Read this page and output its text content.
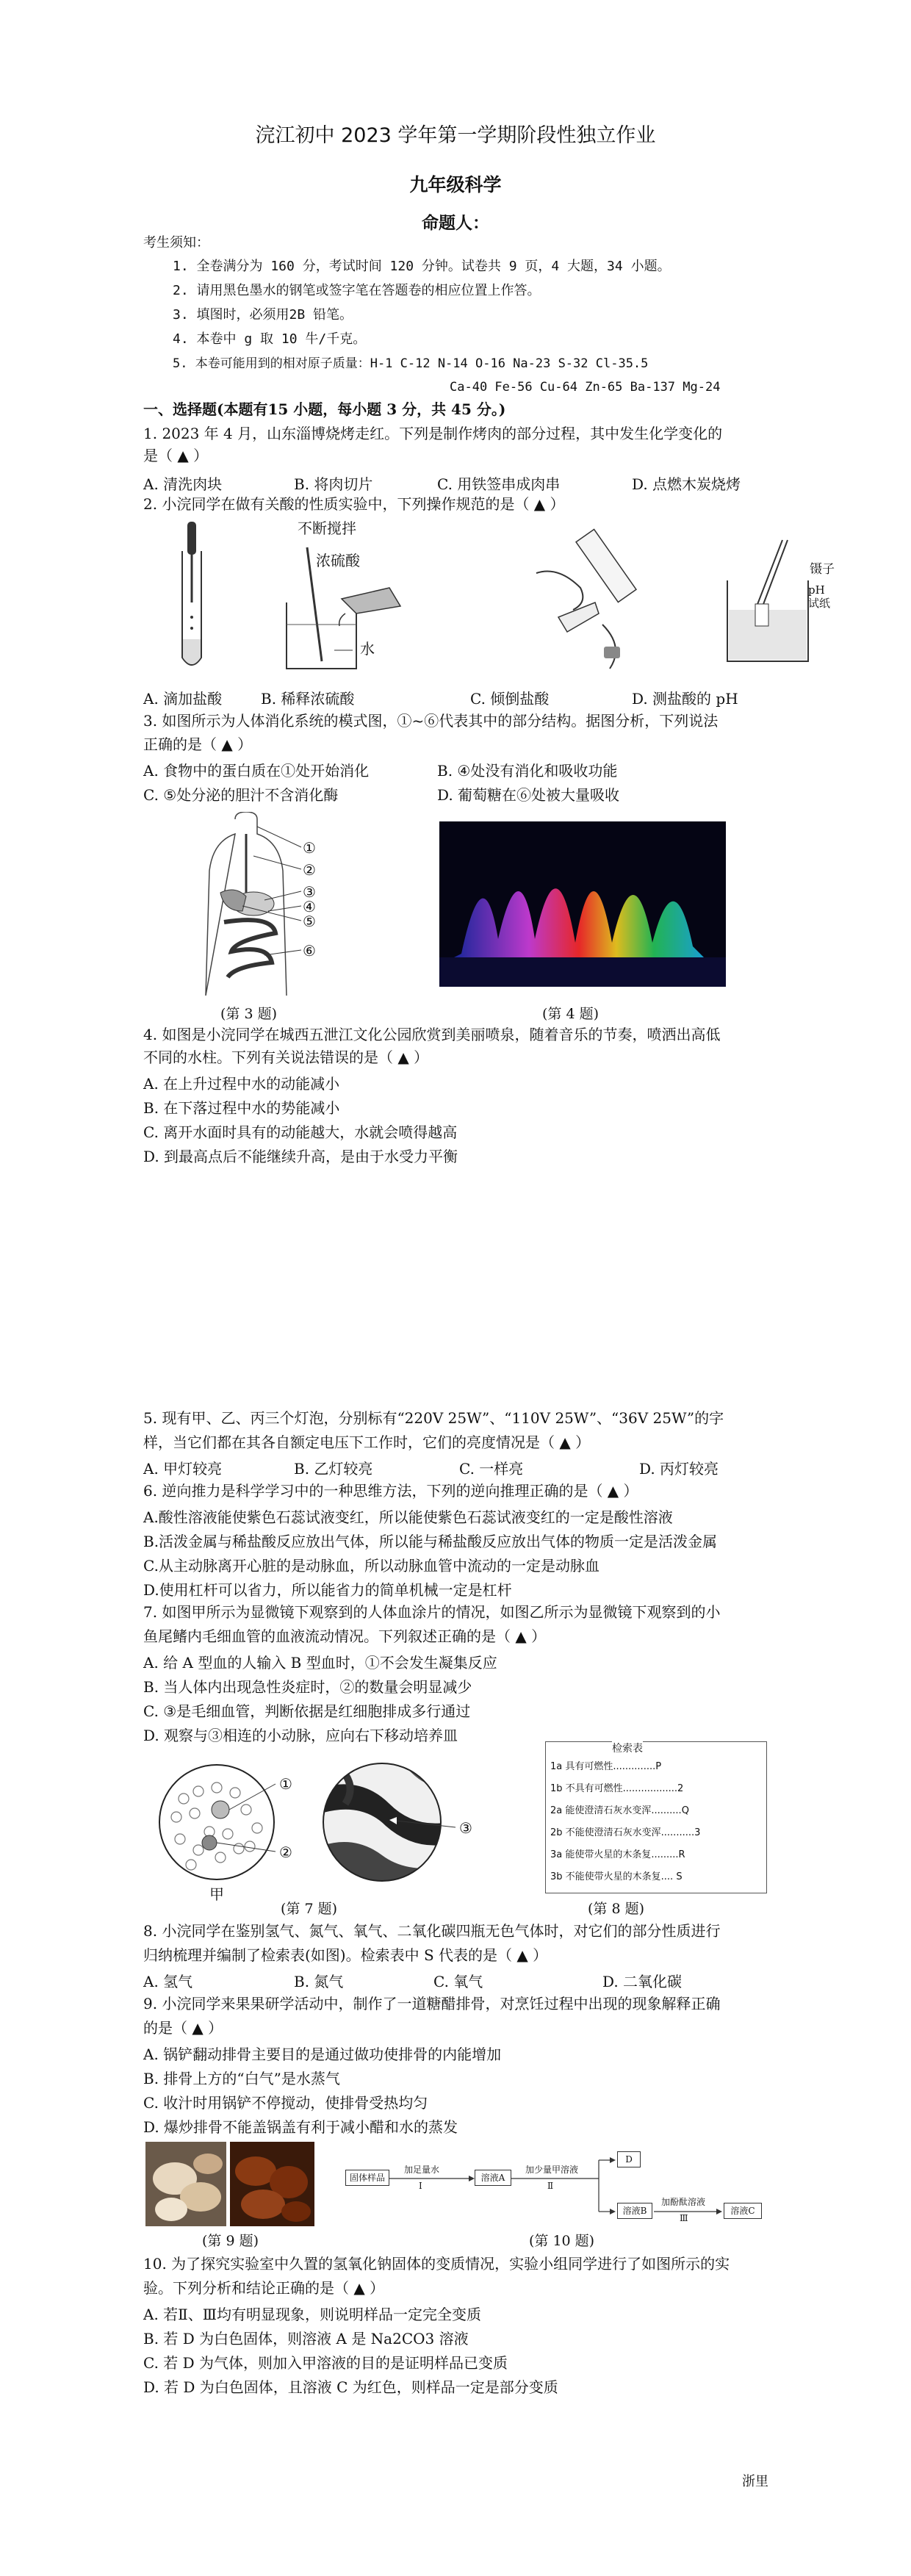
浣江初中 2023 学年第一学期阶段性独立作业
九年级科学
命题人：
考生须知：
1. 全卷满分为 160 分，考试时间 120 分钟。试卷共 9 页，4 大题，34 小题。
2. 请用黑色墨水的钢笔或签字笔在答题卷的相应位置上作答。
3. 填图时，必须用2B 铅笔。
4. 本卷中 g 取 10 牛/千克。
5. 本卷可能用到的相对原子质量：H-1 C-12 N-14 O-16 Na-23 S-32 Cl-35.5
Ca-40 Fe-56 Cu-64 Zn-65 Ba-137 Mg-24
一、选择题(本题有15 小题，每小题 3 分，共 45 分。)
1. 2023 年 4 月，山东淄博烧烤走红。下列是制作烤肉的部分过程，其中发生化学变化的
是（ ▲ ）
A. 清洗肉块	B. 将肉切片	C. 用铁签串成肉串	D. 点燃木炭烧烤
2. 小浣同学在做有关酸的性质实验中，下列操作规范的是（ ▲ ）
不断搅拌
浓硫酸
水
镊子
pH
试纸
A. 滴加盐酸	B. 稀释浓硫酸	C. 倾倒盐酸	D. 测盐酸的 pH
3. 如图所示为人体消化系统的模式图，①~⑥代表其中的部分结构。据图分析，下列说法
正确的是（ ▲ ）
A. 食物中的蛋白质在①处开始消化	B. ④处没有消化和吸收功能
C. ⑤处分泌的胆汁不含消化酶	D. 葡萄糖在⑥处被大量吸收
①
②
③
④
⑤
⑥
(第 3 题)	(第 4 题)
4. 如图是小浣同学在城西五泄江文化公园欣赏到美丽喷泉，随着音乐的节奏，喷洒出高低
不同的水柱。下列有关说法错误的是（ ▲ ）
A. 在上升过程中水的动能减小
B. 在下落过程中水的势能减小
C. 离开水面时具有的动能越大，水就会喷得越高
D. 到最高点后不能继续升高，是由于水受力平衡
5. 现有甲、乙、丙三个灯泡，分别标有“220V 25W”、“110V 25W”、“36V 25W”的字
样，当它们都在其各自额定电压下工作时，它们的亮度情况是（ ▲ ）
A. 甲灯较亮	B. 乙灯较亮	C. 一样亮	D. 丙灯较亮
6. 逆向推力是科学学习中的一种思维方法，下列的逆向推理正确的是（ ▲ ）
A.酸性溶液能使紫色石蕊试液变红，所以能使紫色石蕊试液变红的一定是酸性溶液
B.活泼金属与稀盐酸反应放出气体，所以能与稀盐酸反应放出气体的物质一定是活泼金属
C.从主动脉离开心脏的是动脉血，所以动脉血管中流动的一定是动脉血
D.使用杠杆可以省力，所以能省力的简单机械一定是杠杆
7. 如图甲所示为显微镜下观察到的人体血涂片的情况，如图乙所示为显微镜下观察到的小
鱼尾鳍内毛细血管的血液流动情况。下列叙述正确的是（ ▲ ）
A. 给 A 型血的人输入 B 型血时，①不会发生凝集反应
B. 当人体内出现急性炎症时，②的数量会明显减少
C. ③是毛细血管，判断依据是红细胞排成多行通过
D. 观察与③相连的小动脉，应向右下移动培养皿
①
②
甲
③
(第 7 题)
检索表
1a 具有可燃性..............P
1b 不具有可燃性..................2
2a 能使澄清石灰水变浑..........Q
2b 不能使澄清石灰水变浑...........3
3a 能使带火星的木条复.........R
3b 不能使带火星的木条复.... S
(第 8 题)
8. 小浣同学在鉴别氢气、氮气、氧气、二氧化碳四瓶无色气体时，对它们的部分性质进行
归纳梳理并编制了检索表(如图)。检索表中 S 代表的是（ ▲ ）
A. 氢气	B. 氮气	C. 氧气	D. 二氧化碳
9. 小浣同学来果果研学活动中，制作了一道糖醋排骨，对烹饪过程中出现的现象解释正确
的是（ ▲ ）
A. 锅铲翻动排骨主要目的是通过做功使排骨的内能增加
B. 排骨上方的“白气”是水蒸气
C. 收汁时用锅铲不停搅动，使排骨受热均匀
D. 爆炒排骨不能盖锅盖有利于减小醋和水的蒸发
(第 9 题)
固体样品
加足量水
Ⅰ
溶液A
加少量甲溶液
Ⅱ
D
溶液B
加酚酞溶液
Ⅲ
溶液C
(第 10 题)
10. 为了探究实验室中久置的氢氧化钠固体的变质情况，实验小组同学进行了如图所示的实
验。下列分析和结论正确的是（ ▲ ）
A. 若Ⅱ、Ⅲ均有明显现象，则说明样品一定完全变质
B. 若 D 为白色固体，则溶液 A 是 Na2CO3 溶液
C. 若 D 为气体，则加入甲溶液的目的是证明样品已变质
D. 若 D 为白色固体，且溶液 C 为红色，则样品一定是部分变质
浙里
